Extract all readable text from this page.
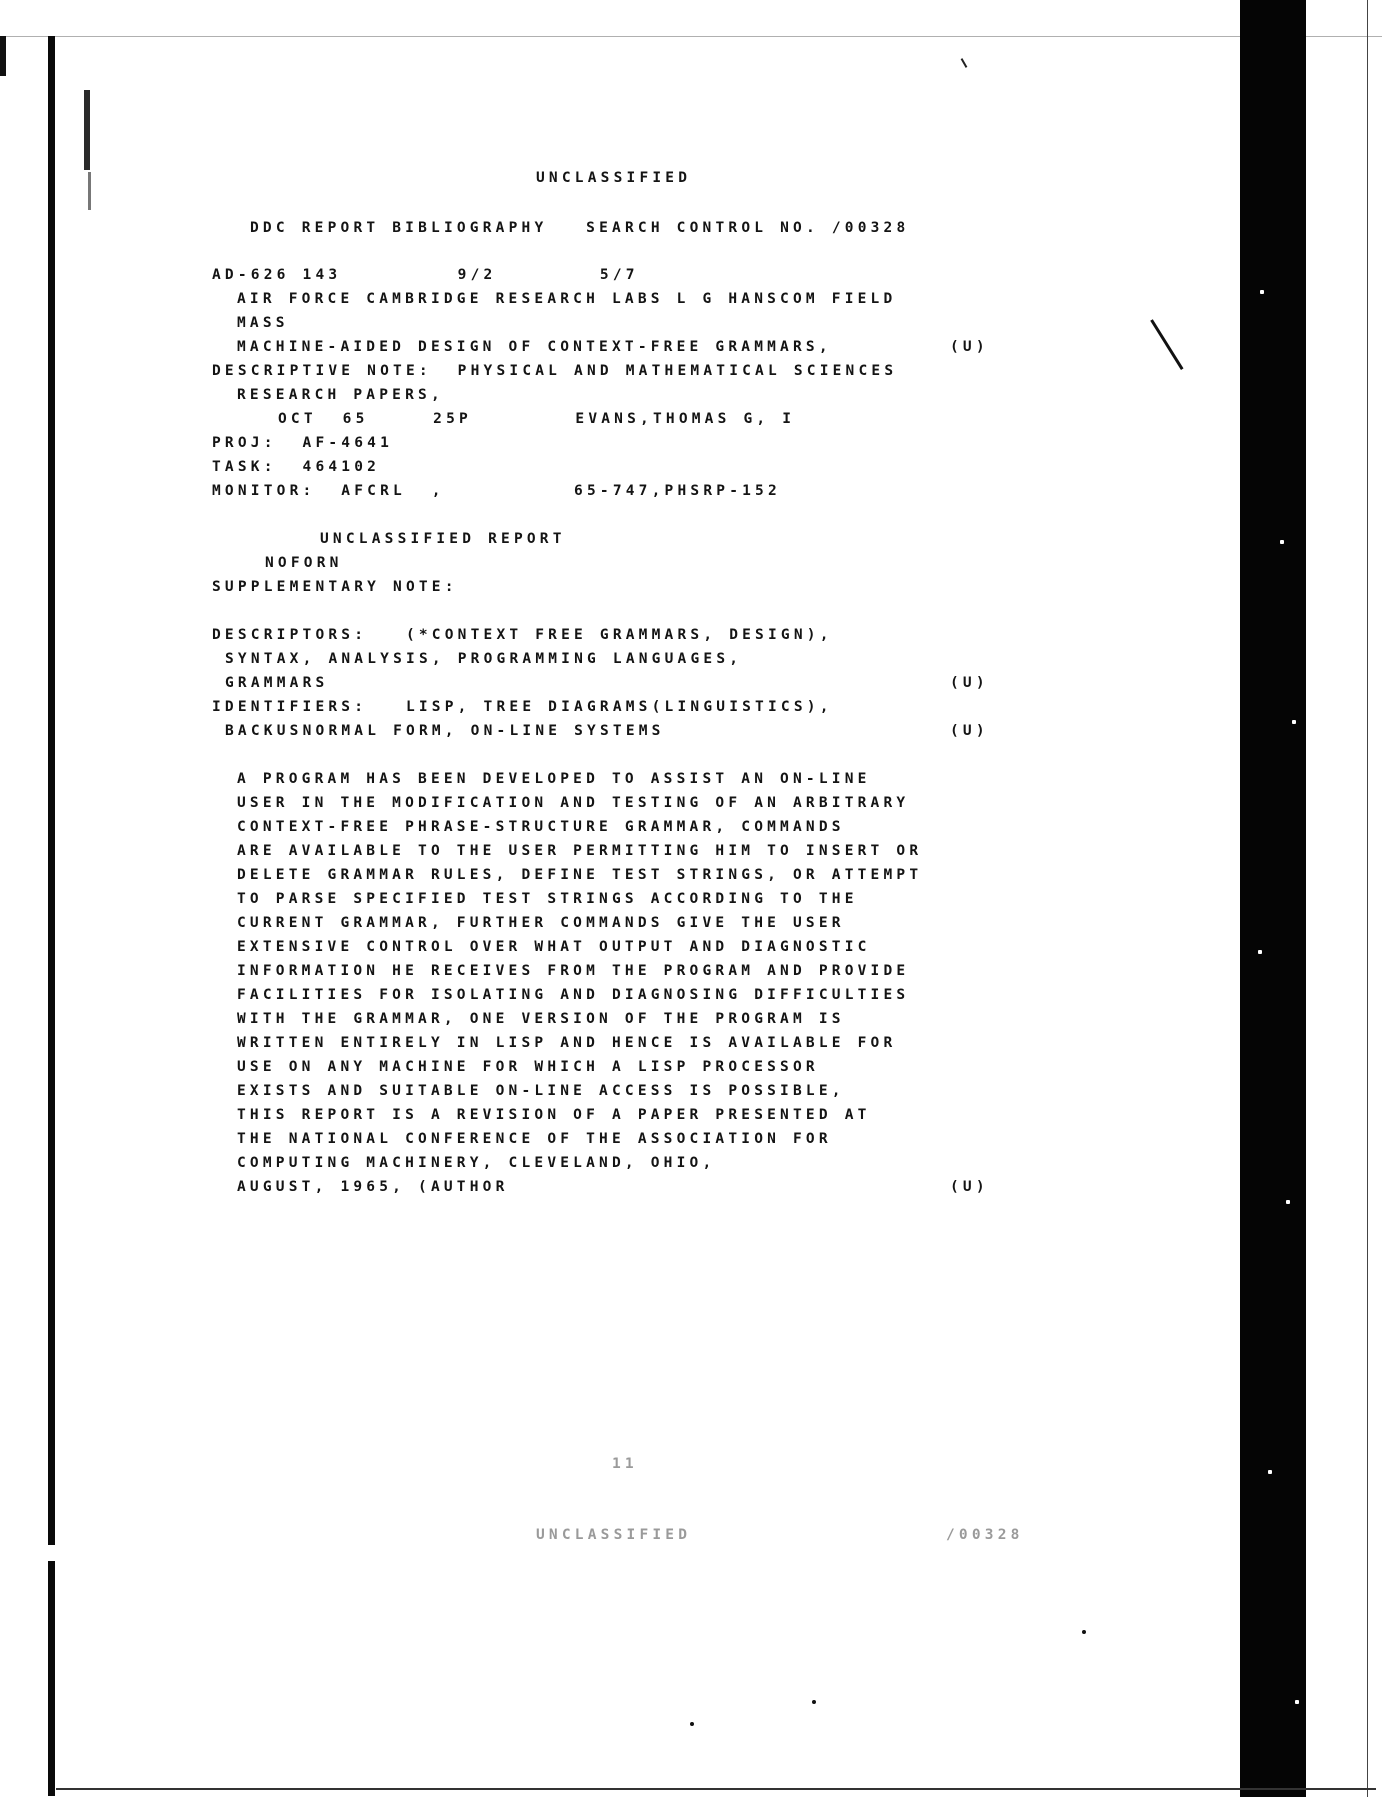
UNCLASSIFIED

DDC REPORT BIBLIOGRAPHY   SEARCH CONTROL NO. /00328

AD-626 143         9/2        5/7

AIR FORCE CAMBRIDGE RESEARCH LABS L G HANSCOM FIELD

MASS

MACHINE-AIDED DESIGN OF CONTEXT-FREE GRAMMARS,	(U)

DESCRIPTIVE NOTE:  PHYSICAL AND MATHEMATICAL SCIENCES

RESEARCH PAPERS,

OCT  65     25P        EVANS,THOMAS G, I

PROJ:  AF-4641

TASK:  464102

MONITOR:  AFCRL  ,          65-747,PHSRP-152

UNCLASSIFIED REPORT

NOFORN

SUPPLEMENTARY NOTE:

DESCRIPTORS:   (*CONTEXT FREE GRAMMARS, DESIGN),

SYNTAX, ANALYSIS, PROGRAMMING LANGUAGES,

GRAMMARS	(U)

IDENTIFIERS:   LISP, TREE DIAGRAMS(LINGUISTICS),

BACKUSNORMAL FORM, ON-LINE SYSTEMS	(U)

A PROGRAM HAS BEEN DEVELOPED TO ASSIST AN ON-LINE

USER IN THE MODIFICATION AND TESTING OF AN ARBITRARY

CONTEXT-FREE PHRASE-STRUCTURE GRAMMAR, COMMANDS

ARE AVAILABLE TO THE USER PERMITTING HIM TO INSERT OR

DELETE GRAMMAR RULES, DEFINE TEST STRINGS, OR ATTEMPT

TO PARSE SPECIFIED TEST STRINGS ACCORDING TO THE

CURRENT GRAMMAR, FURTHER COMMANDS GIVE THE USER

EXTENSIVE CONTROL OVER WHAT OUTPUT AND DIAGNOSTIC

INFORMATION HE RECEIVES FROM THE PROGRAM AND PROVIDE

FACILITIES FOR ISOLATING AND DIAGNOSING DIFFICULTIES

WITH THE GRAMMAR, ONE VERSION OF THE PROGRAM IS

WRITTEN ENTIRELY IN LISP AND HENCE IS AVAILABLE FOR

USE ON ANY MACHINE FOR WHICH A LISP PROCESSOR

EXISTS AND SUITABLE ON-LINE ACCESS IS POSSIBLE,

THIS REPORT IS A REVISION OF A PAPER PRESENTED AT

THE NATIONAL CONFERENCE OF THE ASSOCIATION FOR

COMPUTING MACHINERY, CLEVELAND, OHIO,

AUGUST, 1965, (AUTHOR	(U)

11

UNCLASSIFIED	/00328
